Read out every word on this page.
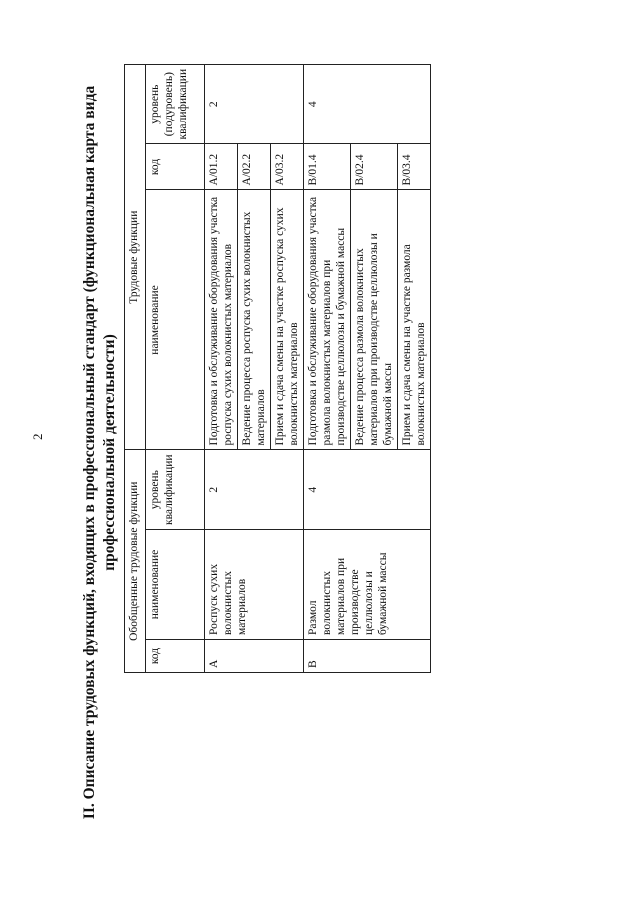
2 II. Описание трудовых функций, входящих в профессиональный стандарт (функциональная карта вида профессиональной деятельности) Обобщенные трудовые функции			Трудовые функции		
код	наименование	уровень квалификации	наименование	код	уровень (подуровень) квалификации
А	Роспуск сухих волокнистых материалов	2	Подготовка и обслуживание оборудования участка роспуска сухих волокнистых материалов	A/01.2	2
			Ведение процесса роспуска сухих волокнистых материалов	A/02.2	
			Прием и сдача смены на участке роспуска сухих волокнистых материалов	A/03.2	
В	Размол волокнистых материалов при производстве целлюлозы и бумажной массы	4	Подготовка и обслуживание оборудования участка размола волокнистых материалов при производстве целлюлозы и бумажной массы	B/01.4	4
			Ведение процесса размола волокнистых материалов при производстве целлюлозы и бумажной массы	B/02.4	
			Прием и сдача смены на участке размола волокнистых материалов	B/03.4	
